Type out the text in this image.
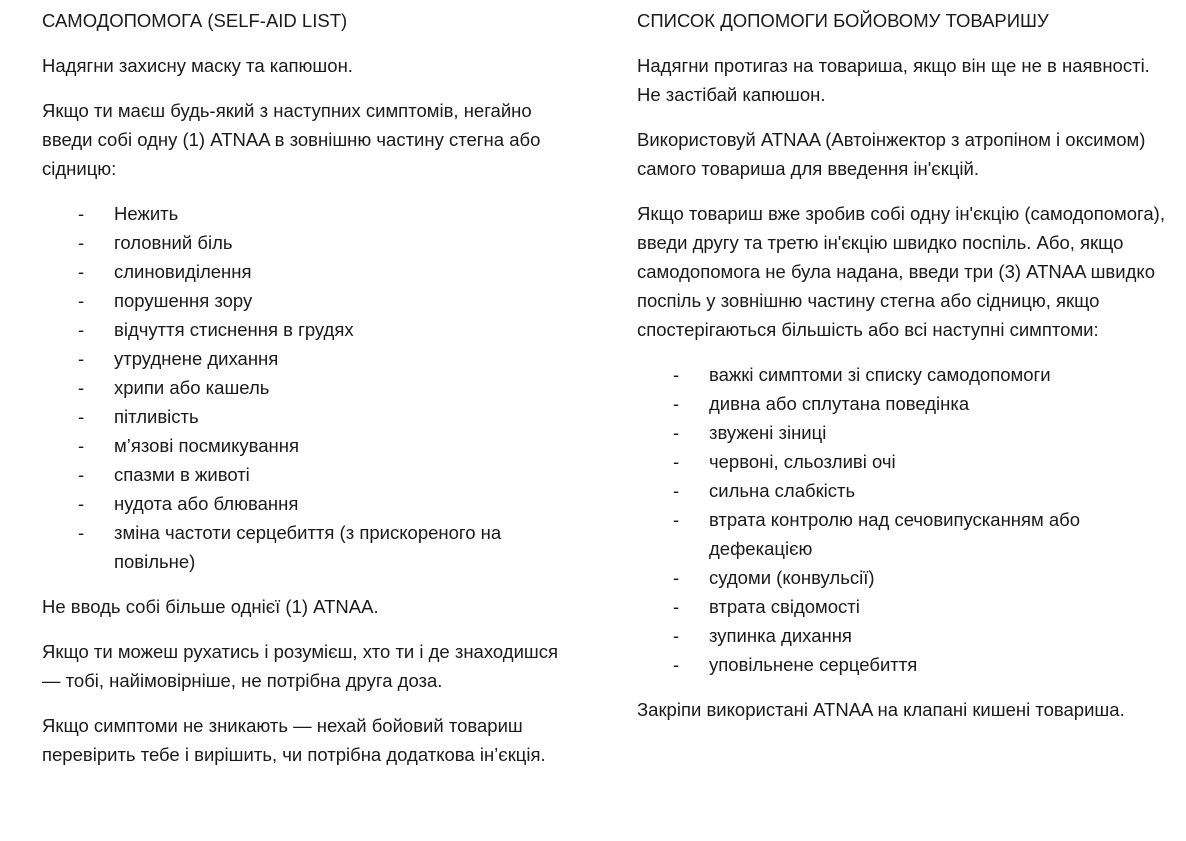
САМОДОПОМОГА (SELF-AID LIST)

Надягни захисну маску та капюшон.

Якщо ти маєш будь-який з наступних симптомів, негайно введи собі одну (1) ATNAA в зовнішню частину стегна або сідницю:

- Нежить
- головний біль
- слиновиділення
- порушення зору
- відчуття стиснення в грудях
- утруднене дихання
- хрипи або кашель
- пітливість
- м’язові посмикування
- спазми в животі
- нудота або блювання
- зміна частоти серцебиття (з прискореного на повільне)

Не вводь собі більше однієї (1) ATNAA.

Якщо ти можеш рухатись і розумієш, хто ти і де знаходишся — тобі, найімовірніше, не потрібна друга доза.

Якщо симптоми не зникають — нехай бойовий товариш перевірить тебе і вирішить, чи потрібна додаткова ін’єкція.

СПИСОК ДОПОМОГИ БОЙОВОМУ ТОВАРИШУ

Надягни протигаз на товариша, якщо він ще не в наявності. Не застібай капюшон.

Використовуй ATNAA (Автоінжектор з атропіном і оксимом) самого товариша для введення ін'єкцій.

Якщо товариш вже зробив собі одну ін'єкцію (самодопомога), введи другу та третю ін'єкцію швидко поспіль. Або, якщо самодопомога не була надана, введи три (3) ATNAA швидко поспіль у зовнішню частину стегна або сідницю, якщо спостерігаються більшість або всі наступні симптоми:

- важкі симптоми зі списку самодопомоги
- дивна або сплутана поведінка
- звужені зіниці
- червоні, сльозливі очі
- сильна слабкість
- втрата контролю над сечовипусканням або дефекацією
- судоми (конвульсії)
- втрата свідомості
- зупинка дихання
- уповільнене серцебиття

Закріпи використані ATNAA на клапані кишені товариша.
